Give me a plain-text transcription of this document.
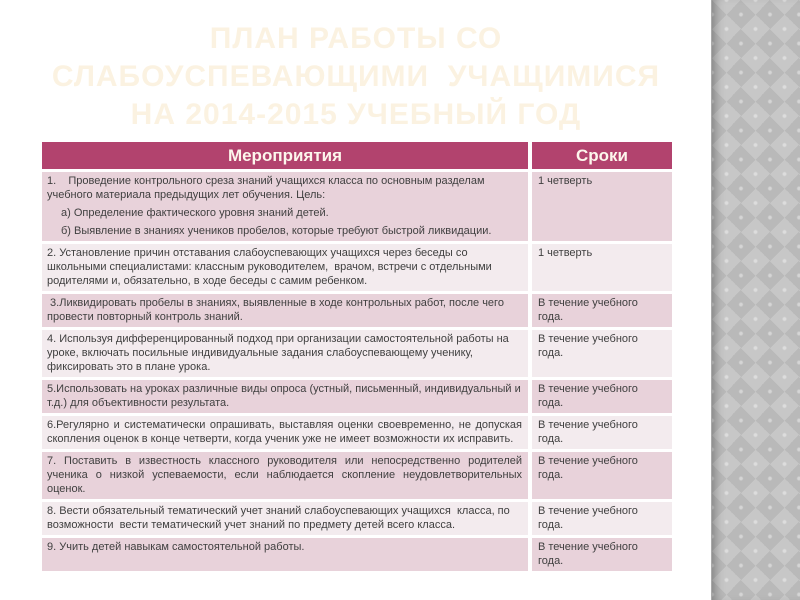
ПЛАН РАБОТЫ СО
СЛАБОУСПЕВАЮЩИМИ  УЧАЩИМИСЯ
НА 2014-2015 УЧЕБНЫЙ ГОД
Мероприятия	Сроки
1.    Проведение контрольного среза знаний учащихся класса по основным разделам учебного материала предыдущих лет обучения. Цель:
а) Определение фактического уровня знаний детей.
б) Выявление в знаниях учеников пробелов, которые требуют быстрой ликвидации.
1 четверть
2. Установление причин отставания слабоуспевающих учащихся через беседы со школьными специалистами: классным руководителем,  врачом, встречи с отдельными родителями и, обязательно, в ходе беседы с самим ребенком.
1 четверть
3.Ликвидировать пробелы в знаниях, выявленные в ходе контрольных работ, после чего провести повторный контроль знаний.
В течение учебного года.
4. Используя дифференцированный подход при организации самостоятельной работы на уроке, включать посильные индивидуальные задания слабоуспевающему ученику, фиксировать это в плане урока.
В течение учебного года.
5.Использовать на уроках различные виды опроса (устный, письменный, индивидуальный и т.д.) для объективности результата.
В течение учебного года.
6.Регулярно и систематически опрашивать, выставляя оценки своевременно, не допуская скопления оценок в конце четверти, когда ученик уже не имеет возможности их исправить.
В течение учебного года.
7. Поставить в известность классного руководителя или непосредственно родителей ученика о низкой успеваемости, если наблюдается скопление неудовлетворительных оценок.
В течение учебного года.
8. Вести обязательный тематический учет знаний слабоуспевающих учащихся  класса, по возможности  вести тематический учет знаний по предмету детей всего класса.
В течение учебного года.
9. Учить детей навыкам самостоятельной работы.	В течение учебного года.
